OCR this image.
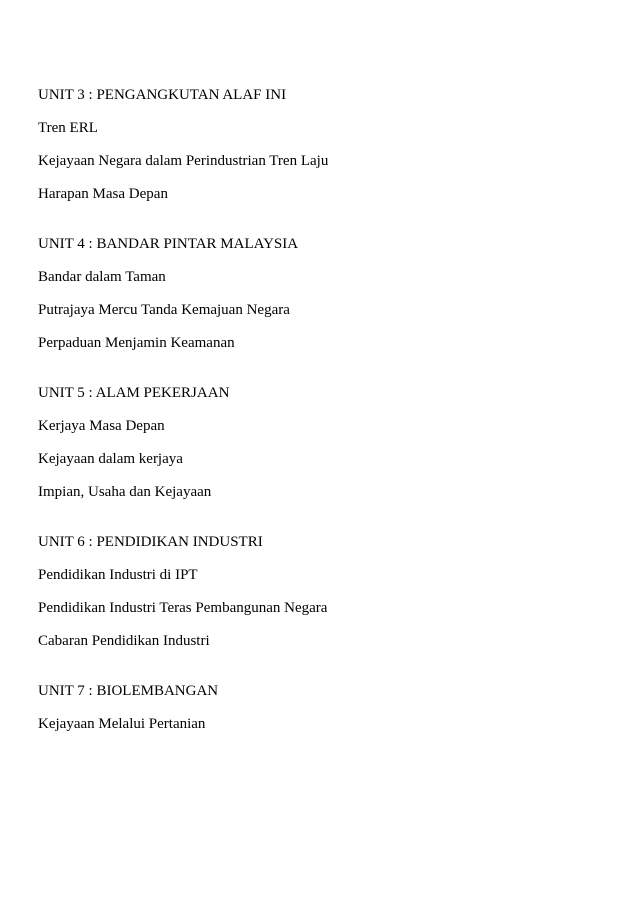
UNIT 3 : PENGANGKUTAN ALAF INI
Tren ERL
Kejayaan Negara dalam Perindustrian Tren Laju
Harapan Masa Depan
UNIT 4 : BANDAR PINTAR MALAYSIA
Bandar dalam Taman
Putrajaya Mercu Tanda Kemajuan Negara
Perpaduan Menjamin Keamanan
UNIT 5 : ALAM PEKERJAAN
Kerjaya Masa Depan
Kejayaan dalam kerjaya
Impian, Usaha dan Kejayaan
UNIT 6 : PENDIDIKAN INDUSTRI
Pendidikan Industri di IPT
Pendidikan Industri Teras Pembangunan Negara
Cabaran Pendidikan Industri
UNIT 7 : BIOLEMBANGAN
Kejayaan Melalui Pertanian
